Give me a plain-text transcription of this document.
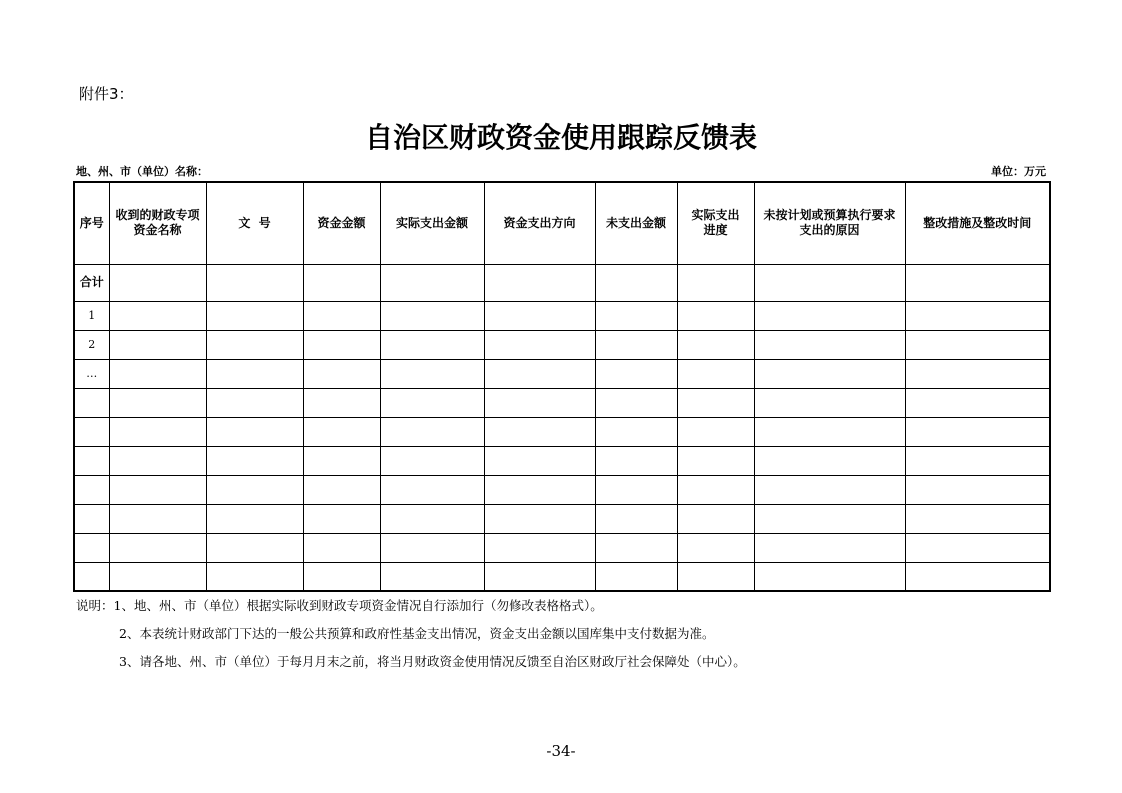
附件3：
自治区财政资金使用跟踪反馈表
地、州、市（单位）名称：	单位：万元
序号	收到的财政专项资金名称	文  号	资金金额	实际支出金额	资金支出方向	未支出金额	实际支出进度	未按计划或预算执行要求支出的原因	整改措施及整改时间
合计									
1									
2									
…									

说明：1、地、州、市（单位）根据实际收到财政专项资金情况自行添加行（勿修改表格格式）。
2、本表统计财政部门下达的一般公共预算和政府性基金支出情况，资金支出金额以国库集中支付数据为准。
3、请各地、州、市（单位）于每月月末之前，将当月财政资金使用情况反馈至自治区财政厅社会保障处（中心）。
-34-
